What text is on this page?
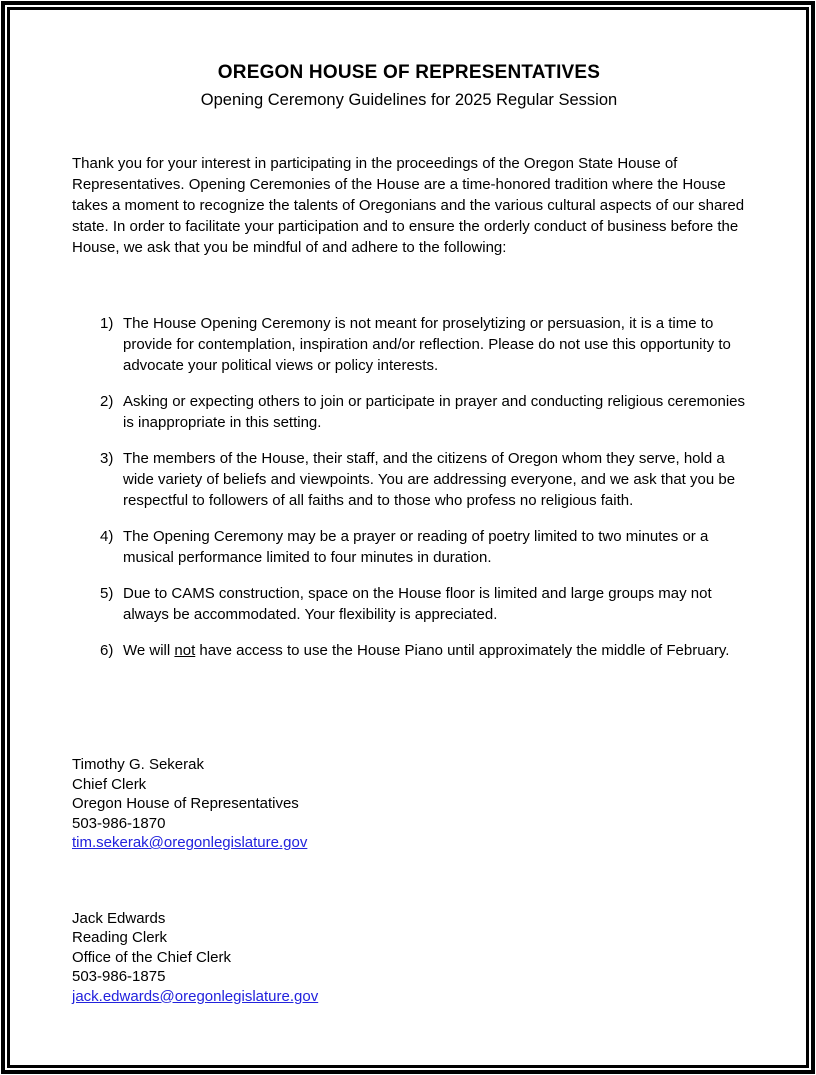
OREGON HOUSE OF REPRESENTATIVES
Opening Ceremony Guidelines for 2025 Regular Session
Thank you for your interest in participating in the proceedings of the Oregon State House of Representatives. Opening Ceremonies of the House are a time-honored tradition where the House takes a moment to recognize the talents of Oregonians and the various cultural aspects of our shared state. In order to facilitate your participation and to ensure the orderly conduct of business before the House, we ask that you be mindful of and adhere to the following:
1) The House Opening Ceremony is not meant for proselytizing or persuasion, it is a time to provide for contemplation, inspiration and/or reflection. Please do not use this opportunity to advocate your political views or policy interests.
2) Asking or expecting others to join or participate in prayer and conducting religious ceremonies is inappropriate in this setting.
3) The members of the House, their staff, and the citizens of Oregon whom they serve, hold a wide variety of beliefs and viewpoints. You are addressing everyone, and we ask that you be respectful to followers of all faiths and to those who profess no religious faith.
4) The Opening Ceremony may be a prayer or reading of poetry limited to two minutes or a musical performance limited to four minutes in duration.
5) Due to CAMS construction, space on the House floor is limited and large groups may not always be accommodated. Your flexibility is appreciated.
6) We will not have access to use the House Piano until approximately the middle of February.
Timothy G. Sekerak
Chief Clerk
Oregon House of Representatives
503-986-1870
tim.sekerak@oregonlegislature.gov
Jack Edwards
Reading Clerk
Office of the Chief Clerk
503-986-1875
jack.edwards@oregonlegislature.gov
